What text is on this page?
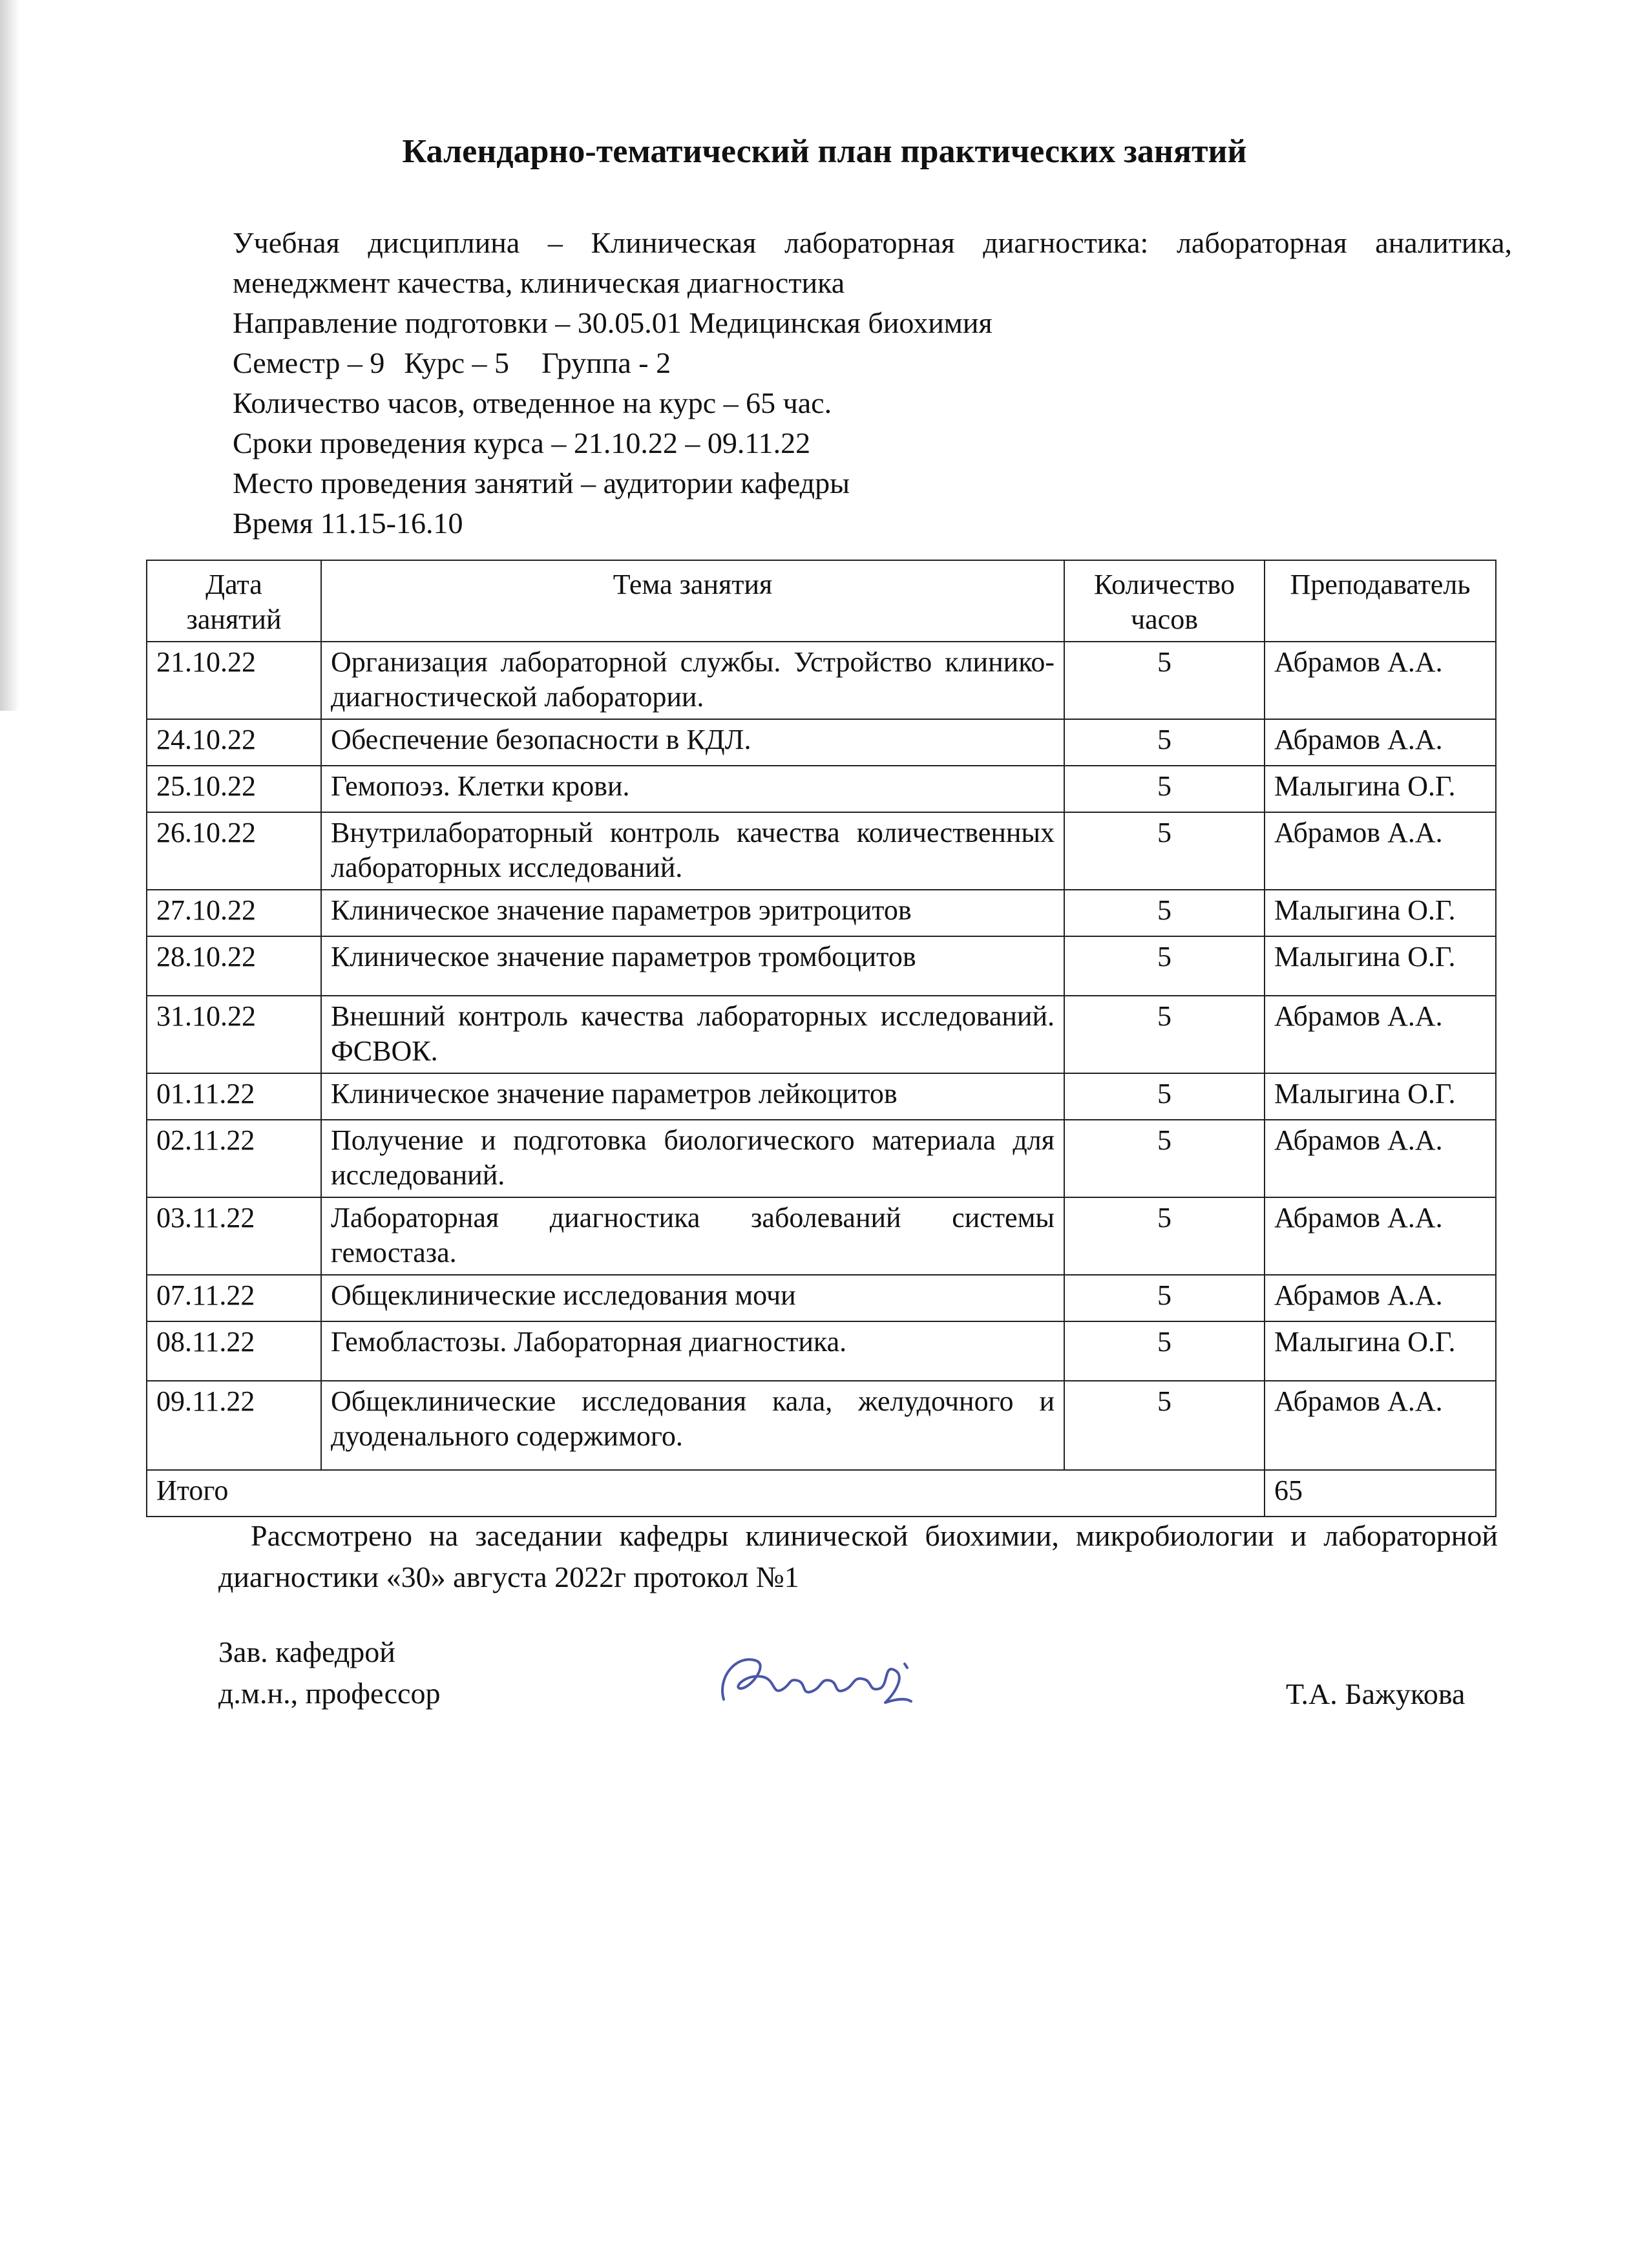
Календарно-тематический план практических занятий
Учебная дисциплина – Клиническая лабораторная диагностика: лабораторная аналитика,
менеджмент качества, клиническая диагностика
Направление подготовки – 30.05.01 Медицинская биохимия
Семестр – 9 Курс – 5 Группа - 2
Количество часов, отведенное на курс – 65 час.
Сроки проведения курса – 21.10.22 – 09.11.22
Место проведения занятий – аудитории кафедры
Время 11.15-16.10
Дата занятий	Тема занятия	Количество часов	Преподаватель
21.10.22	Организация лабораторной службы. Устройство клинико-диагностической лаборатории.	5	Абрамов А.А.
24.10.22	Обеспечение безопасности в КДЛ.	5	Абрамов А.А.
25.10.22	Гемопоэз. Клетки крови.	5	Малыгина О.Г.
26.10.22	Внутрилабораторный контроль качества количественных лабораторных исследований.	5	Абрамов А.А.
27.10.22	Клиническое значение параметров эритроцитов	5	Малыгина О.Г.
28.10.22	Клиническое значение параметров тромбоцитов	5	Малыгина О.Г.
31.10.22	Внешний контроль качества лабораторных исследований. ФСВОК.	5	Абрамов А.А.
01.11.22	Клиническое значение параметров лейкоцитов	5	Малыгина О.Г.
02.11.22	Получение и подготовка биологического материала для исследований.	5	Абрамов А.А.
03.11.22	Лабораторная диагностика заболеваний системы гемостаза.	5	Абрамов А.А.
07.11.22	Общеклинические исследования мочи	5	Абрамов А.А.
08.11.22	Гемобластозы. Лабораторная диагностика.	5	Малыгина О.Г.
09.11.22	Общеклинические исследования кала, желудочного и дуоденального содержимого.	5	Абрамов А.А.
Итого			65
Рассмотрено на заседании кафедры клинической биохимии, микробиологии и лабораторной диагностики «30» августа 2022г протокол №1
Зав. кафедрой
д.м.н., профессор	Т.А. Бажукова
